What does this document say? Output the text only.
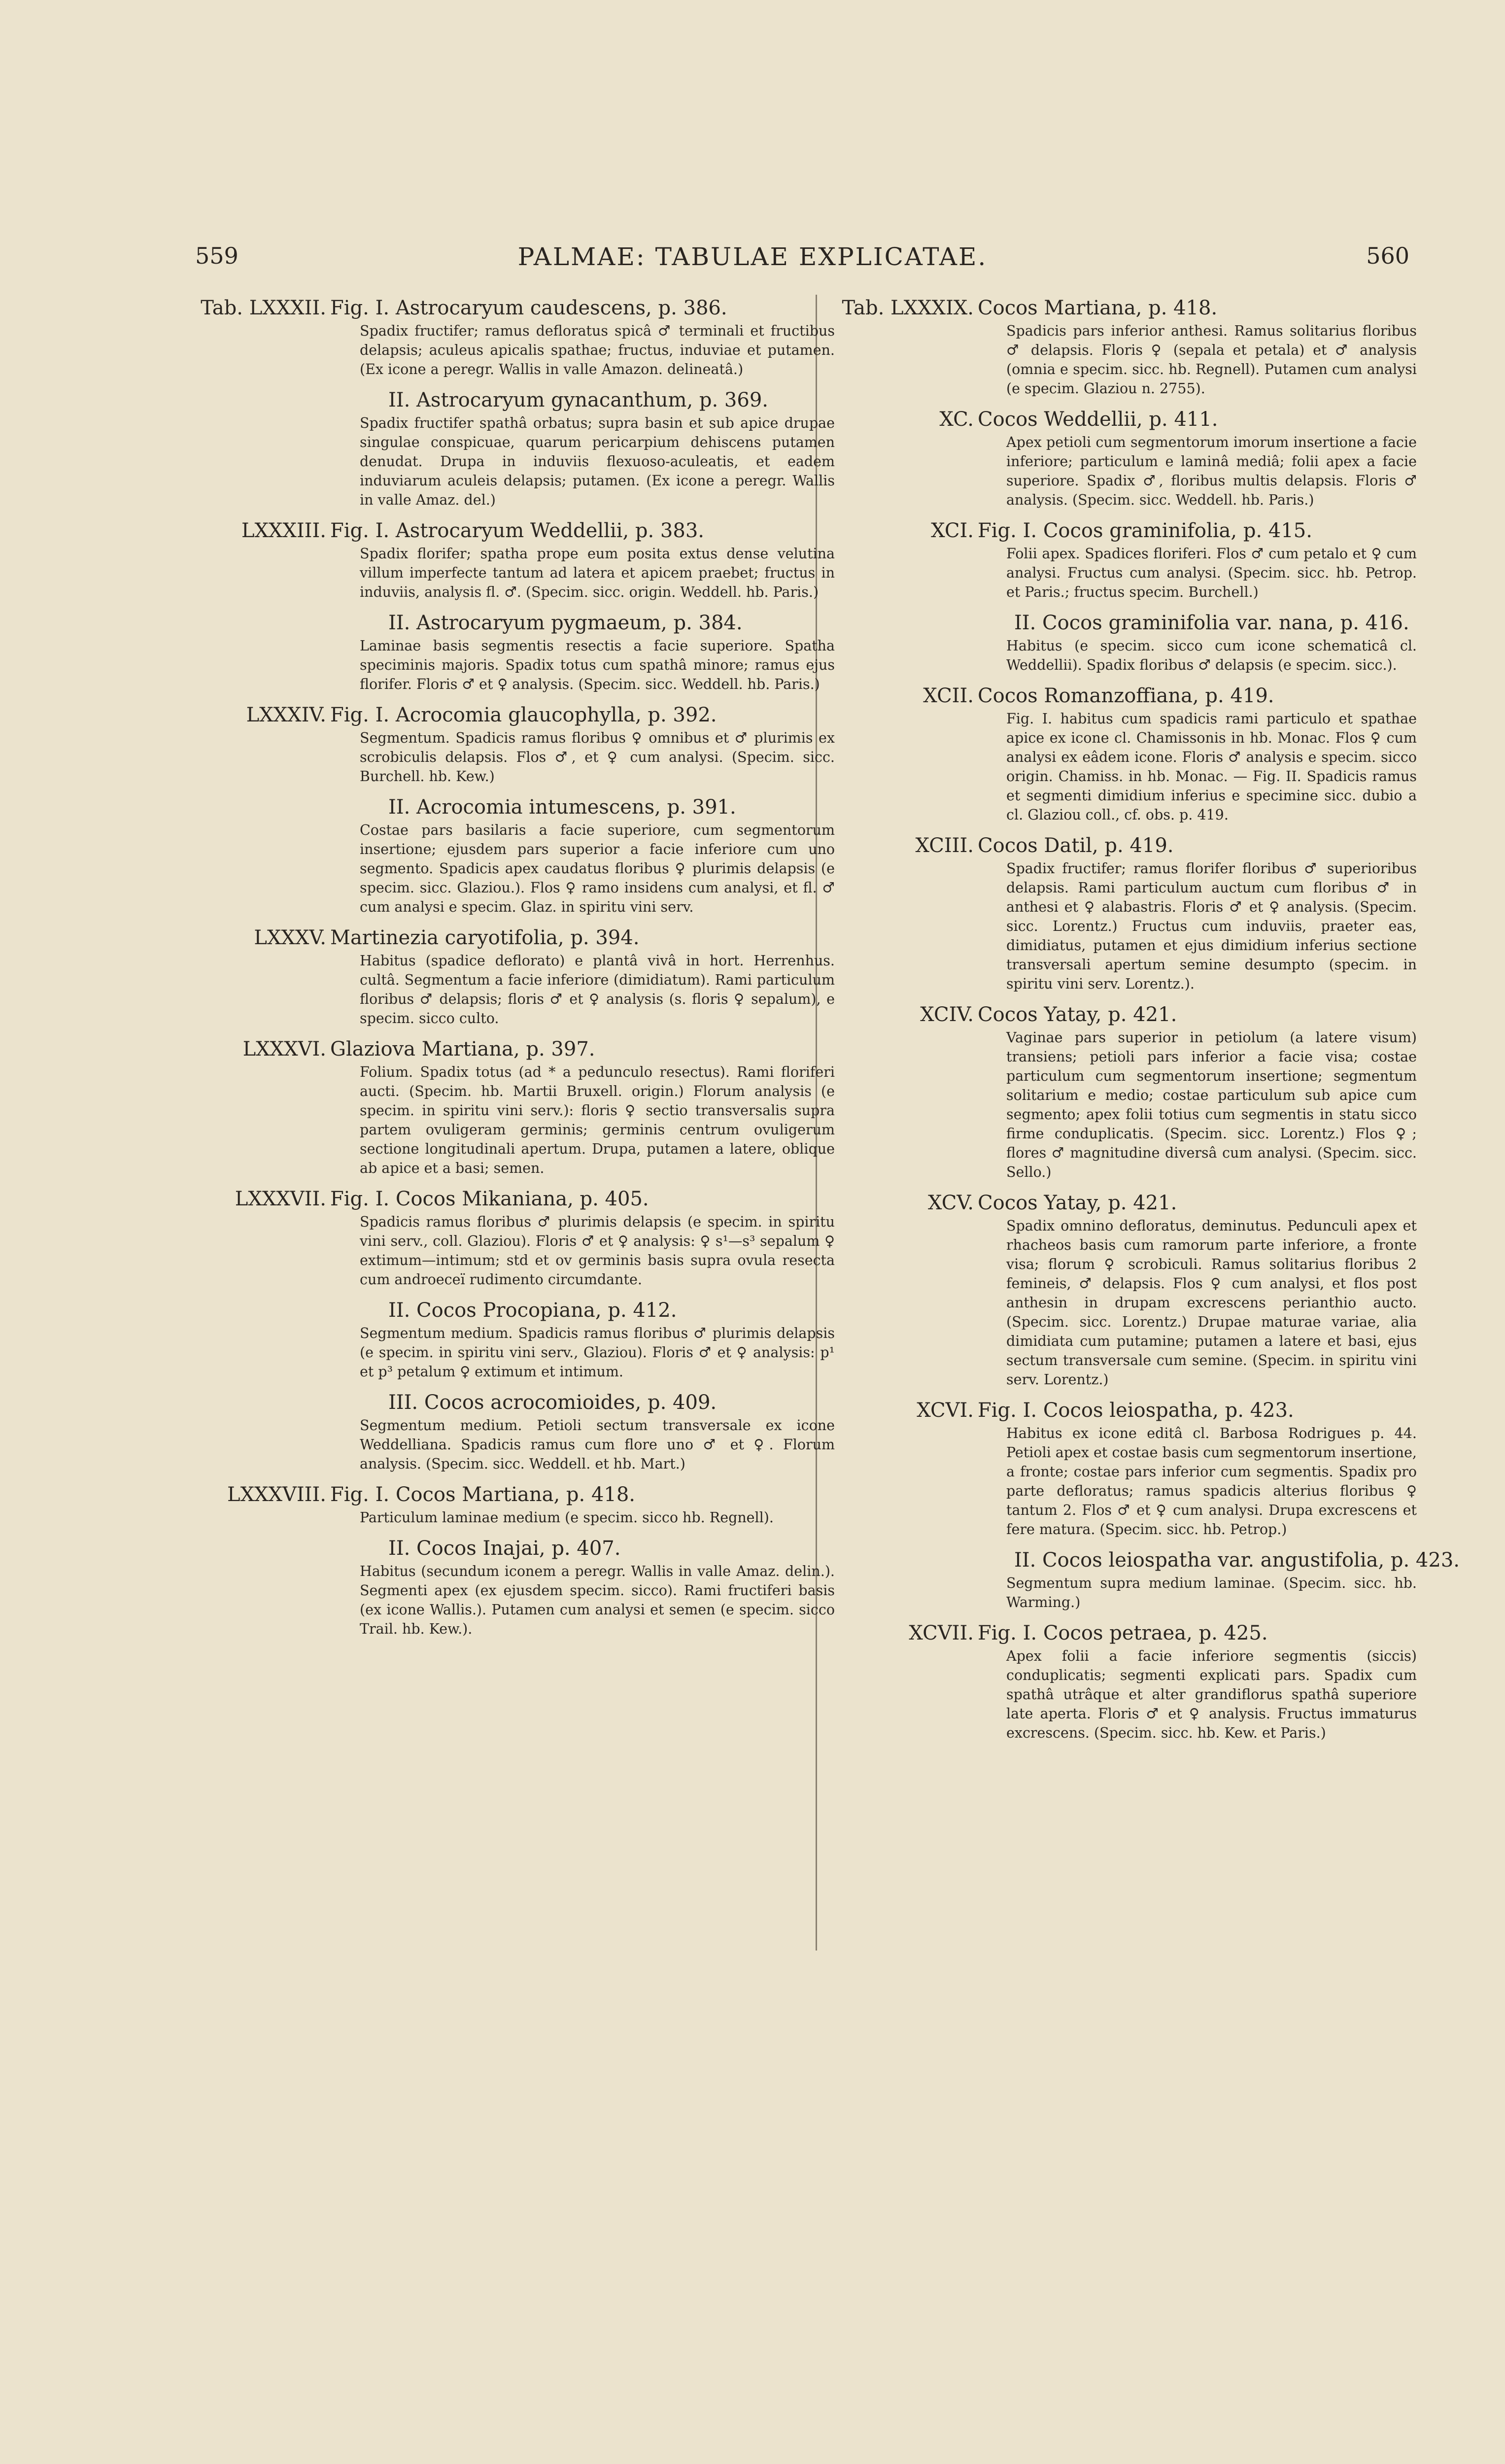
559	PALMAE: TABULAE EXPLICATAE.	560
Tab. LXXXII. Fig. I. Astrocaryum caudescens, p. 386.
Spadix fructifer; ramus defloratus spicâ ♂ terminali et fructibus delapsis; aculeus apicalis spathae; fructus, induviae et putamen. (Ex icone a peregr. Wallis in valle Amazon. delineatâ.)
II. Astrocaryum gynacanthum, p. 369.
Spadix fructifer spathâ orbatus; supra basin et sub apice drupae singulae conspicuae, quarum pericarpium dehiscens putamen denudat. Drupa in induviis flexuoso-aculeatis, et eadem induviarum aculeis delapsis; putamen. (Ex icone a peregr. Wallis in valle Amaz. del.)
LXXXIII. Fig. I. Astrocaryum Weddellii, p. 383.
Spadix florifer; spatha prope eum posita extus dense velutina villum imperfecte tantum ad latera et apicem praebet; fructus in induviis, analysis fl. ♂. (Specim. sicc. origin. Weddell. hb. Paris.)
II. Astrocaryum pygmaeum, p. 384.
Laminae basis segmentis resectis a facie superiore. Spatha speciminis majoris. Spadix totus cum spathâ minore; ramus ejus florifer. Floris ♂ et ♀ analysis. (Specim. sicc. Weddell. hb. Paris.)
LXXXIV. Fig. I. Acrocomia glaucophylla, p. 392.
Segmentum. Spadicis ramus floribus ♀ omnibus et ♂ plurimis ex scrobiculis delapsis. Flos ♂, et ♀ cum analysi. (Specim. sicc. Burchell. hb. Kew.)
II. Acrocomia intumescens, p. 391.
Costae pars basilaris a facie superiore, cum segmentorum insertione; ejusdem pars superior a facie inferiore cum uno segmento. Spadicis apex caudatus floribus ♀ plurimis delapsis (e specim. sicc. Glaziou.). Flos ♀ ramo insidens cum analysi, et fl. ♂ cum analysi e specim. Glaz. in spiritu vini serv.
LXXXV. Martinezia caryotifolia, p. 394.
Habitus (spadice deflorato) e plantâ vivâ in hort. Herrenhus. cultâ. Segmentum a facie inferiore (dimidiatum). Rami particulum floribus ♂ delapsis; floris ♂ et ♀ analysis (s. floris ♀ sepalum), e specim. sicco culto.
LXXXVI. Glaziova Martiana, p. 397.
Folium. Spadix totus (ad * a pedunculo resectus). Rami floriferi aucti. (Specim. hb. Martii Bruxell. origin.) Florum analysis (e specim. in spiritu vini serv.): floris ♀ sectio transversalis supra partem ovuligeram germinis; germinis centrum ovuligerum sectione longitudinali apertum. Drupa, putamen a latere, oblique ab apice et a basi; semen.
LXXXVII. Fig. I. Cocos Mikaniana, p. 405.
Spadicis ramus floribus ♂ plurimis delapsis (e specim. in spiritu vini serv., coll. Glaziou). Floris ♂ et ♀ analysis: ♀ s¹—s³ sepalum ♀ extimum—intimum; std et ov germinis basis supra ovula resecta cum androeceï rudimento circumdante.
II. Cocos Procopiana, p. 412.
Segmentum medium. Spadicis ramus floribus ♂ plurimis delapsis (e specim. in spiritu vini serv., Glaziou). Floris ♂ et ♀ analysis: p¹ et p³ petalum ♀ extimum et intimum.
III. Cocos acrocomioides, p. 409.
Segmentum medium. Petioli sectum transversale ex icone Weddelliana. Spadicis ramus cum flore uno ♂ et ♀. Florum analysis. (Specim. sicc. Weddell. et hb. Mart.)
LXXXVIII. Fig. I. Cocos Martiana, p. 418.
Particulum laminae medium (e specim. sicco hb. Regnell).
II. Cocos Inajai, p. 407.
Habitus (secundum iconem a peregr. Wallis in valle Amaz. delin.). Segmenti apex (ex ejusdem specim. sicco). Rami fructiferi basis (ex icone Wallis.). Putamen cum analysi et semen (e specim. sicco Trail. hb. Kew.).
Tab. LXXXIX. Cocos Martiana, p. 418.
Spadicis pars inferior anthesi. Ramus solitarius floribus ♂ delapsis. Floris ♀ (sepala et petala) et ♂ analysis (omnia e specim. sicc. hb. Regnell). Putamen cum analysi (e specim. Glaziou n. 2755).
XC. Cocos Weddellii, p. 411.
Apex petioli cum segmentorum imorum insertione a facie inferiore; particulum e laminâ mediâ; folii apex a facie superiore. Spadix ♂, floribus multis delapsis. Floris ♂ analysis. (Specim. sicc. Weddell. hb. Paris.)
XCI. Fig. I. Cocos graminifolia, p. 415.
Folii apex. Spadices floriferi. Flos ♂ cum petalo et ♀ cum analysi. Fructus cum analysi. (Specim. sicc. hb. Petrop. et Paris.; fructus specim. Burchell.)
II. Cocos graminifolia var. nana, p. 416.
Habitus (e specim. sicco cum icone schematicâ cl. Weddellii). Spadix floribus ♂ delapsis (e specim. sicc.).
XCII. Cocos Romanzoffiana, p. 419.
Fig. I. habitus cum spadicis rami particulo et spathae apice ex icone cl. Chamissonis in hb. Monac. Flos ♀ cum analysi ex eâdem icone. Floris ♂ analysis e specim. sicco origin. Chamiss. in hb. Monac. — Fig. II. Spadicis ramus et segmenti dimidium inferius e specimine sicc. dubio a cl. Glaziou coll., cf. obs. p. 419.
XCIII. Cocos Datil, p. 419.
Spadix fructifer; ramus florifer floribus ♂ superioribus delapsis. Rami particulum auctum cum floribus ♂ in anthesi et ♀ alabastris. Floris ♂ et ♀ analysis. (Specim. sicc. Lorentz.) Fructus cum induviis, praeter eas, dimidiatus, putamen et ejus dimidium inferius sectione transversali apertum semine desumpto (specim. in spiritu vini serv. Lorentz.).
XCIV. Cocos Yatay, p. 421.
Vaginae pars superior in petiolum (a latere visum) transiens; petioli pars inferior a facie visa; costae particulum cum segmentorum insertione; segmentum solitarium e medio; costae particulum sub apice cum segmento; apex folii totius cum segmentis in statu sicco firme conduplicatis. (Specim. sicc. Lorentz.) Flos ♀; flores ♂ magnitudine diversâ cum analysi. (Specim. sicc. Sello.)
XCV. Cocos Yatay, p. 421.
Spadix omnino defloratus, deminutus. Pedunculi apex et rhacheos basis cum ramorum parte inferiore, a fronte visa; florum ♀ scrobiculi. Ramus solitarius floribus 2 femineis, ♂ delapsis. Flos ♀ cum analysi, et flos post anthesin in drupam excrescens perianthio aucto. (Specim. sicc. Lorentz.) Drupae maturae variae, alia dimidiata cum putamine; putamen a latere et basi, ejus sectum transversale cum semine. (Specim. in spiritu vini serv. Lorentz.)
XCVI. Fig. I. Cocos leiospatha, p. 423.
Habitus ex icone editâ cl. Barbosa Rodrigues p. 44. Petioli apex et costae basis cum segmentorum insertione, a fronte; costae pars inferior cum segmentis. Spadix pro parte defloratus; ramus spadicis alterius floribus ♀ tantum 2. Flos ♂ et ♀ cum analysi. Drupa excrescens et fere matura. (Specim. sicc. hb. Petrop.)
II. Cocos leiospatha var. angustifolia, p. 423.
Segmentum supra medium laminae. (Specim. sicc. hb. Warming.)
XCVII. Fig. I. Cocos petraea, p. 425.
Apex folii a facie inferiore segmentis (siccis) conduplicatis; segmenti explicati pars. Spadix cum spathâ utrâque et alter grandiflorus spathâ superiore late aperta. Floris ♂ et ♀ analysis. Fructus immaturus excrescens. (Specim. sicc. hb. Kew. et Paris.)
